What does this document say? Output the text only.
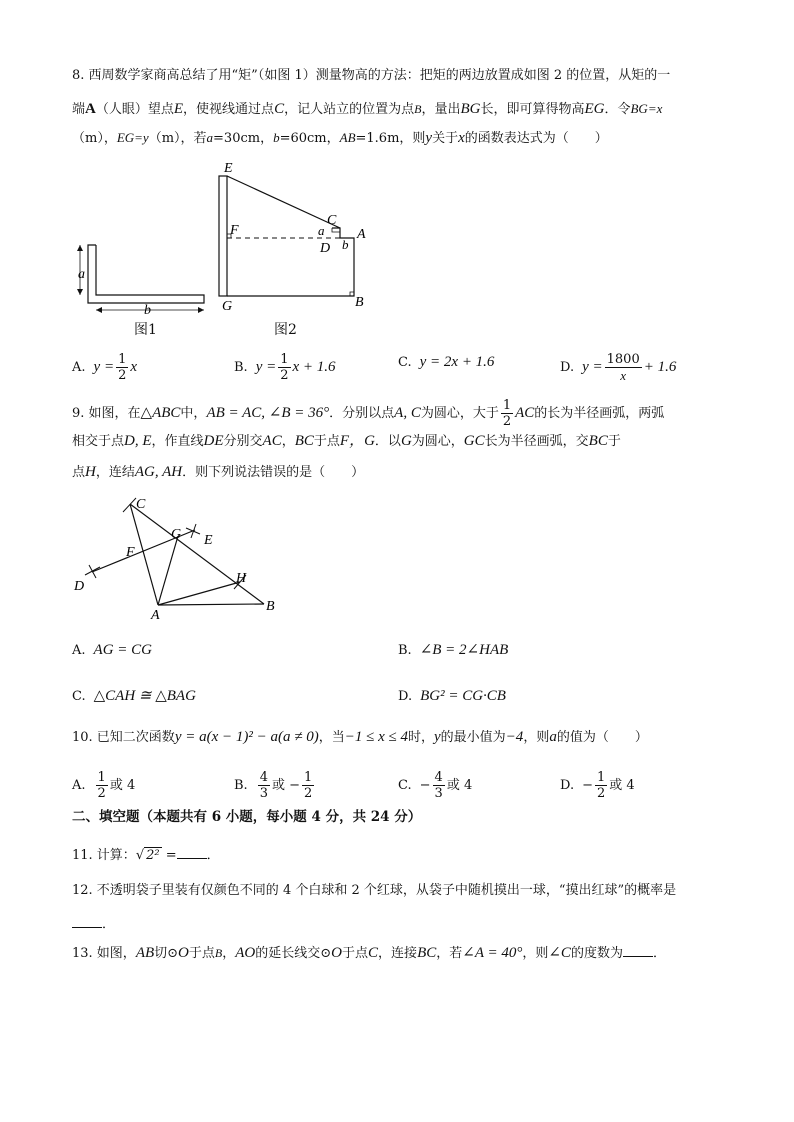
8. 西周数学家商高总结了用“矩”（如图 1）测量物高的方法：把矩的两边放置成如图 2 的位置，从矩的一
端A（人眼）望点E，使视线通过点C，记人站立的位置为点B，量出BG长，即可算得物高EG．令BG=x
（m），EG=y（m），若a=30cm，b=60cm，AB=1.6m，则y关于x的函数表达式为（　　）
a
b
图1
E
F
G
C
A
D
B
a
b
图2
A. $y = \frac{1}{2}$ x	B. $y = \frac{1}{2}$ x + 1.6	C. y = 2x + 1.6	D. $y = \frac{1800}{x} + 1.6$
9. 如图，在△ABC中，AB = AC, ∠B = 36°．分别以点A, C为圆心，大于 $\frac{1}{2}$ AC的长为半径画弧，两弧
相交于点D, E，作直线DE分别交AC，BC于点F，G．以G为圆心，GC长为半径画弧，交BC于
点H，连结AG, AH．则下列说法错误的是（　　）
C
G E
F
H
D
A
B
A. AG = CG	B. ∠B = 2∠HAB
C. △CAH ≅ △BAG	D. BG² = CG·CB
10. 已知二次函数y = a(x − 1)² − a(a ≠ 0)，当−1 ≤ x ≤ 4时，y的最小值为−4，则a的值为（　　）
A. $\frac{1}{2}$ 或 4	B. $\frac{4}{3}$ 或 − $\frac{1}{2}$	C. − $\frac{4}{3}$ 或 4	D. − $\frac{1}{2}$ 或 4
二、填空题（本题共有 6 小题，每小题 4 分，共 24 分）
11. 计算：√ 2² = ．
12. 不透明袋子里装有仅颜色不同的 4 个白球和 2 个红球，从袋子中随机摸出一球，“摸出红球”的概率是
．
13. 如图，AB切⊙O于点B，AO的延长线交⊙O于点C，连接BC，若∠A = 40°，则∠C的度数为 ．
